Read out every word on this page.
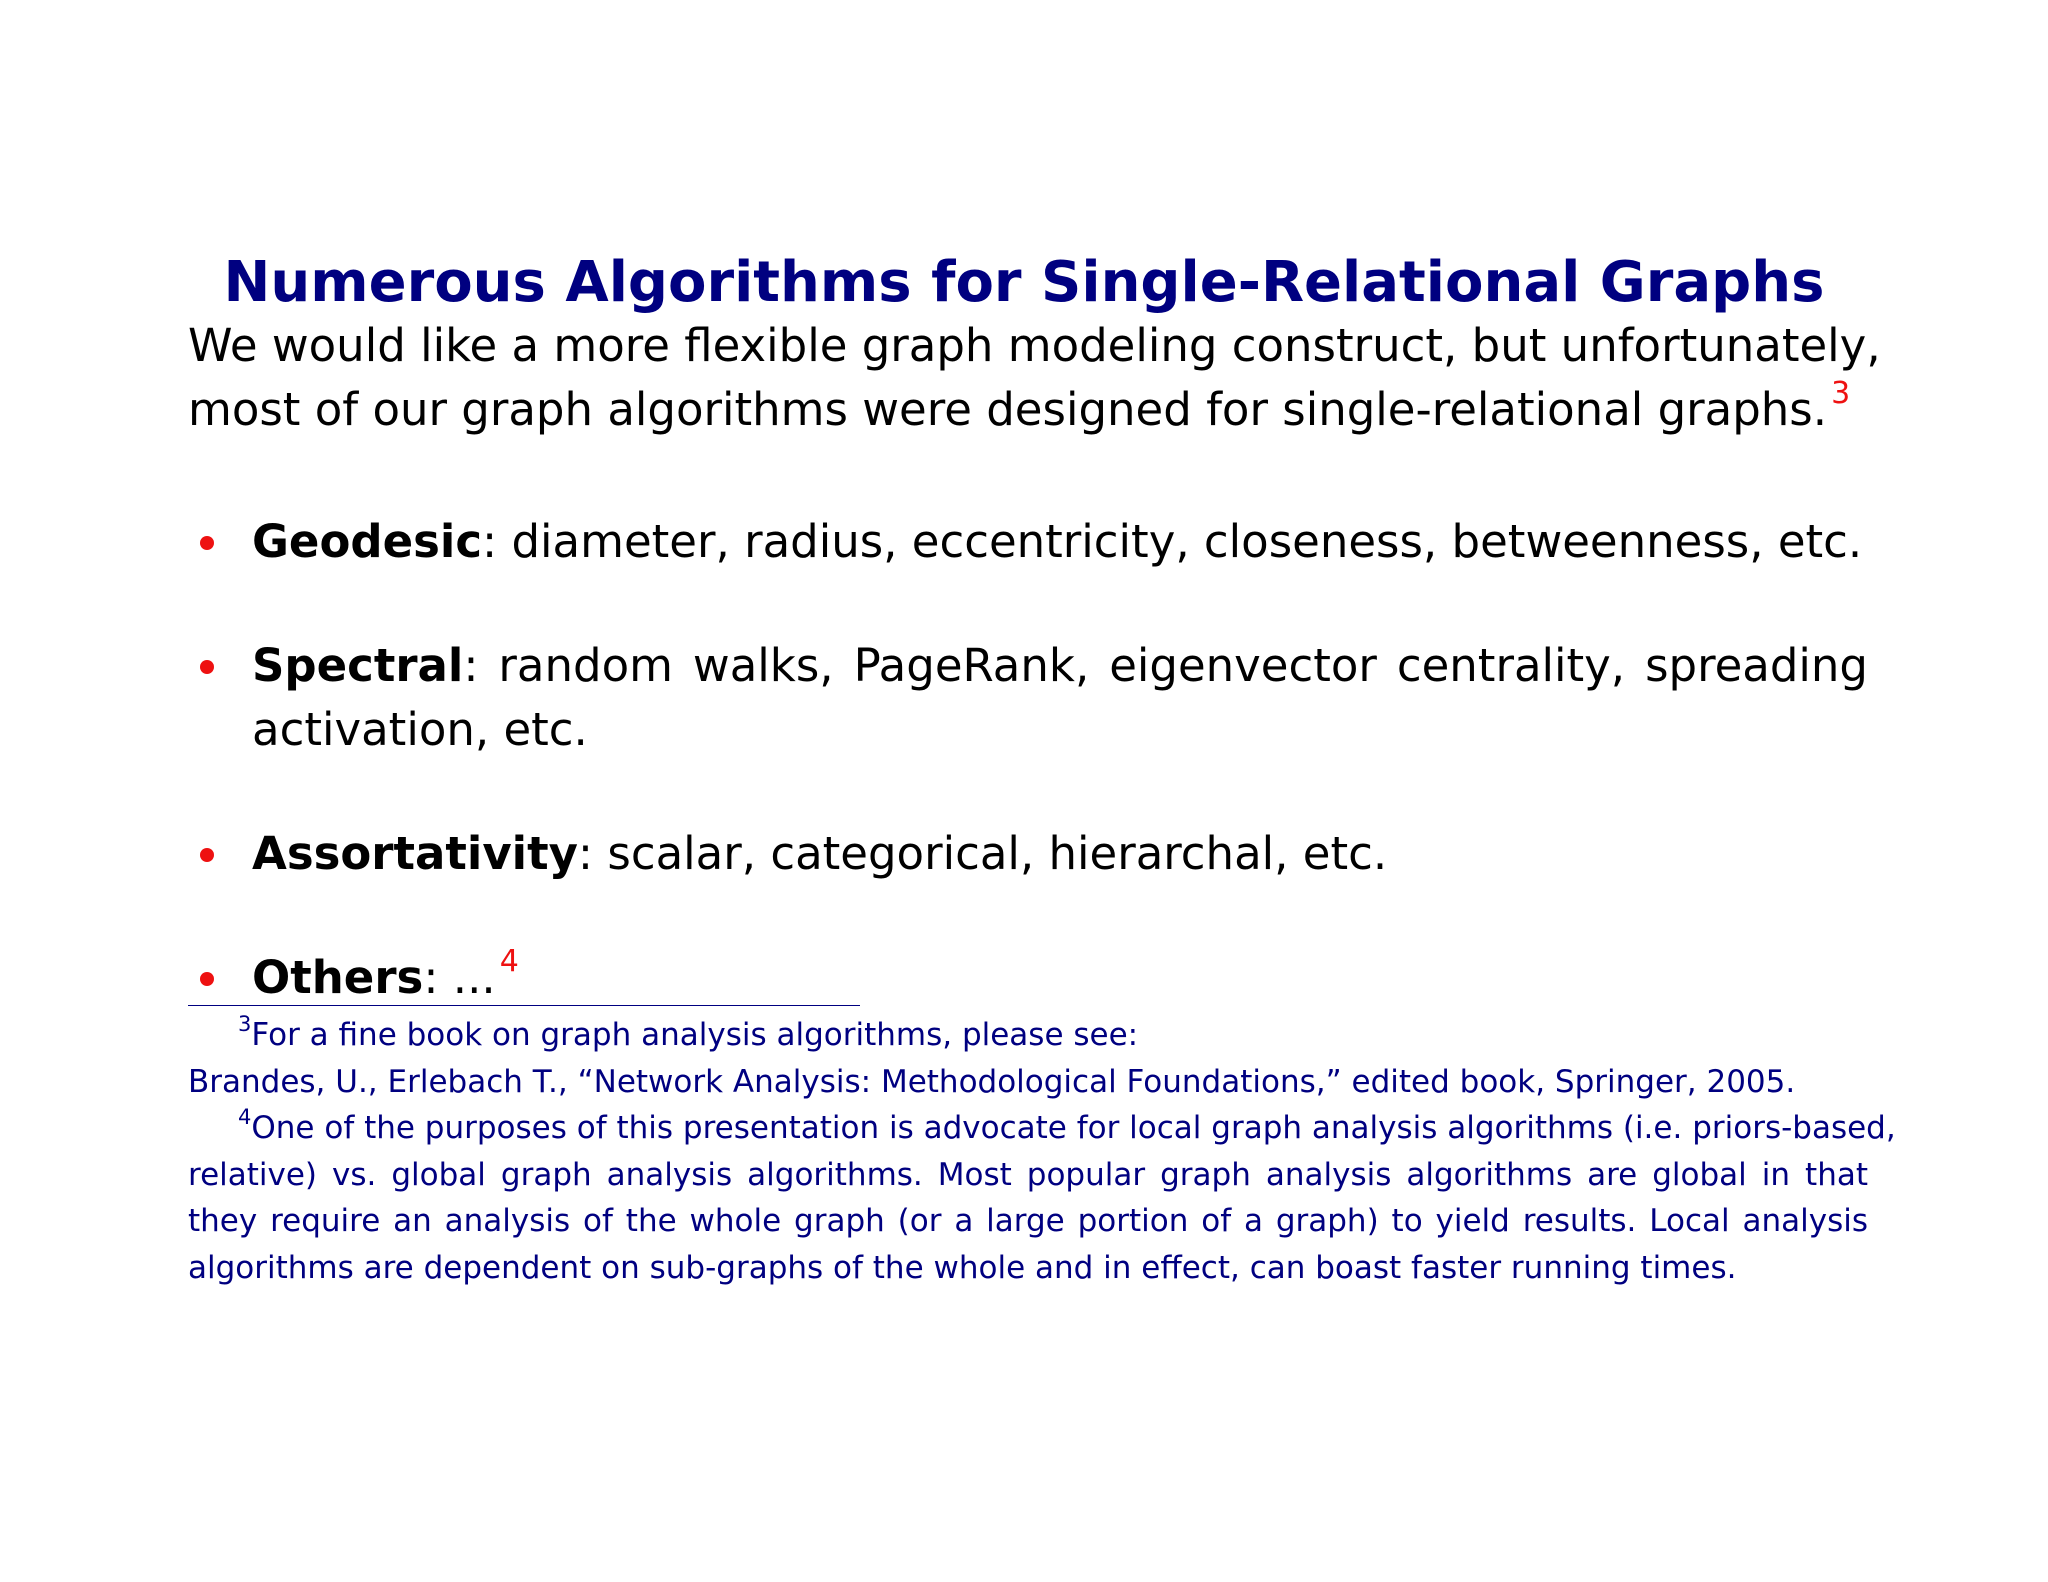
Numerous Algorithms for Single-Relational Graphs
We would like a more flexible graph modeling construct, but unfortunately,
most of our graph algorithms were designed for single-relational graphs. $^3$
Geodesic: diameter, radius, eccentricity, closeness, betweenness, etc.
Spectral: random walks, PageRank, eigenvector centrality, spreading
activation, etc.
Assortativity: scalar, categorical, hierarchal, etc.
Others: ... $^4$
$^3$For a fine book on graph analysis algorithms, please see:
Brandes, U., Erlebach T., “Network Analysis: Methodological Foundations,” edited book, Springer, 2005.
$^4$One of the purposes of this presentation is advocate for local graph analysis algorithms (i.e. priors-based,
relative) vs. global graph analysis algorithms. Most popular graph analysis algorithms are global in that
they require an analysis of the whole graph (or a large portion of a graph) to yield results. Local analysis
algorithms are dependent on sub-graphs of the whole and in effect, can boast faster running times.
